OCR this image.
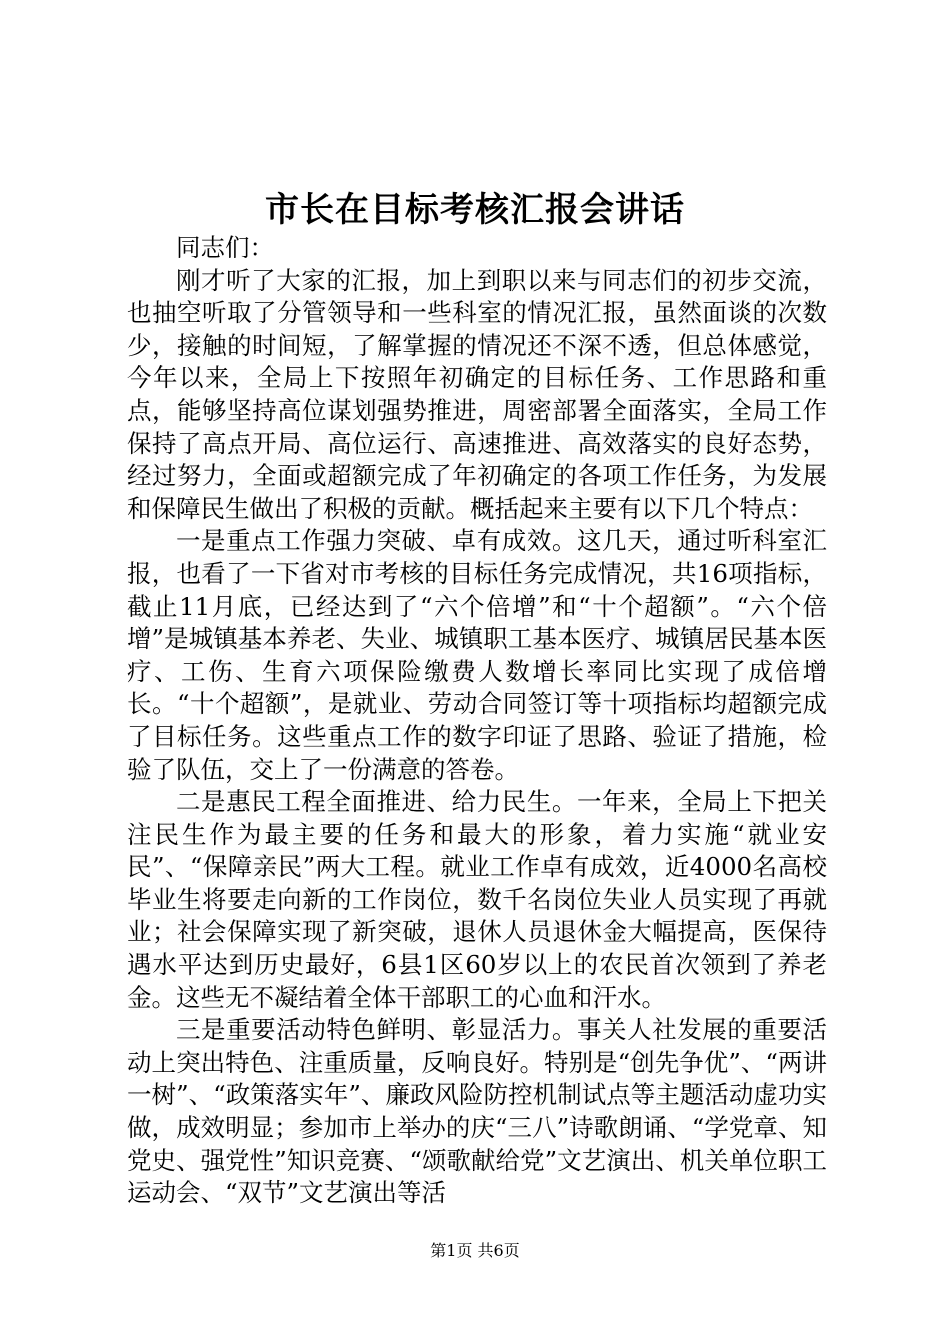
市长在目标考核汇报会讲话

同志们：

刚才听了大家的汇报，加上到职以来与同志们的初步交流，也抽空听取了分管领导和一些科室的情况汇报，虽然面谈的次数少，接触的时间短，了解掌握的情况还不深不透，但总体感觉，今年以来，全局上下按照年初确定的目标任务、工作思路和重点，能够坚持高位谋划强势推进，周密部署全面落实，全局工作保持了高点开局、高位运行、高速推进、高效落实的良好态势，经过努力，全面或超额完成了年初确定的各项工作任务，为发展和保障民生做出了积极的贡献。概括起来主要有以下几个特点：

一是重点工作强力突破、卓有成效。这几天，通过听科室汇报，也看了一下省对市考核的目标任务完成情况，共16项指标，截止11月底，已经达到了“六个倍增”和“十个超额”。“六个倍增”是城镇基本养老、失业、城镇职工基本医疗、城镇居民基本医疗、工伤、生育六项保险缴费人数增长率同比实现了成倍增长。“十个超额”，是就业、劳动合同签订等十项指标均超额完成了目标任务。这些重点工作的数字印证了思路、验证了措施，检验了队伍，交上了一份满意的答卷。

二是惠民工程全面推进、给力民生。一年来，全局上下把关注民生作为最主要的任务和最大的形象，着力实施“就业安民”、“保障亲民”两大工程。就业工作卓有成效，近4000名高校毕业生将要走向新的工作岗位，数千名岗位失业人员实现了再就业；社会保障实现了新突破，退休人员退休金大幅提高，医保待遇水平达到历史最好，6县1区60岁以上的农民首次领到了养老金。这些无不凝结着全体干部职工的心血和汗水。

三是重要活动特色鲜明、彰显活力。事关人社发展的重要活动上突出特色、注重质量，反响良好。特别是“创先争优”、“两讲一树”、“政策落实年”、廉政风险防控机制试点等主题活动虚功实做，成效明显；参加市上举办的庆“三八”诗歌朗诵、“学党章、知党史、强党性”知识竞赛、“颂歌献给党”文艺演出、机关单位职工运动会、“双节”文艺演出等活

第1页 共6页
